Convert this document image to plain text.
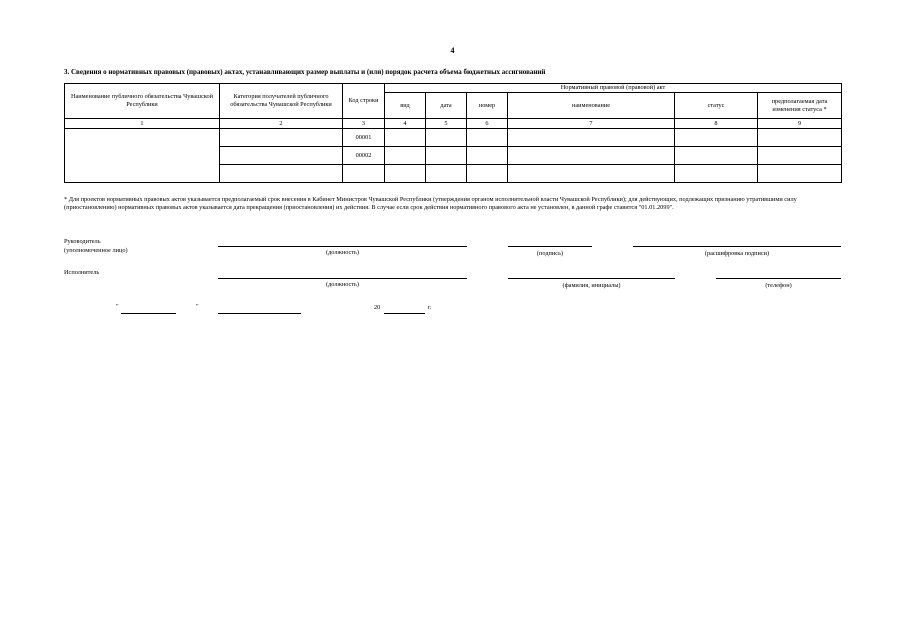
4
3. Сведения о нормативных правовых (правовых) актах, устанавливающих размер выплаты и (или) порядок расчета объема бюджетных ассигнований
Наименование публичного обязательства Чувашской Республики	Категория получателей публичного обязательства Чувашской Республики	Код строки	Нормативный правовой (правовой) акт					
			вид	дата	номер	наименование	статус	предполагаемая дата изменения статуса *
1	2	3	4	5	6	7	8	9
		00001						
		00002						

* Для проектов нормативных правовых актов указывается предполагаемый срок внесения в Кабинет Министров Чувашской Республики (утверждения органом исполнительной власти Чувашской Республики); для действующих, подлежащих признанию утратившими силу (приостановлению) нормативных правовых актов указывается дата прекращения (приостановления) их действия. В случае если срок действия нормативного правового акта не установлен, в данной графе ставится "01.01.2099".
Руководитель
(уполномоченное лицо)	(должность)	(подпись)	(расшифровка подписи)
Исполнитель
(должность)	(фамилия, инициалы)	(телефон)
"	"	20	г.
